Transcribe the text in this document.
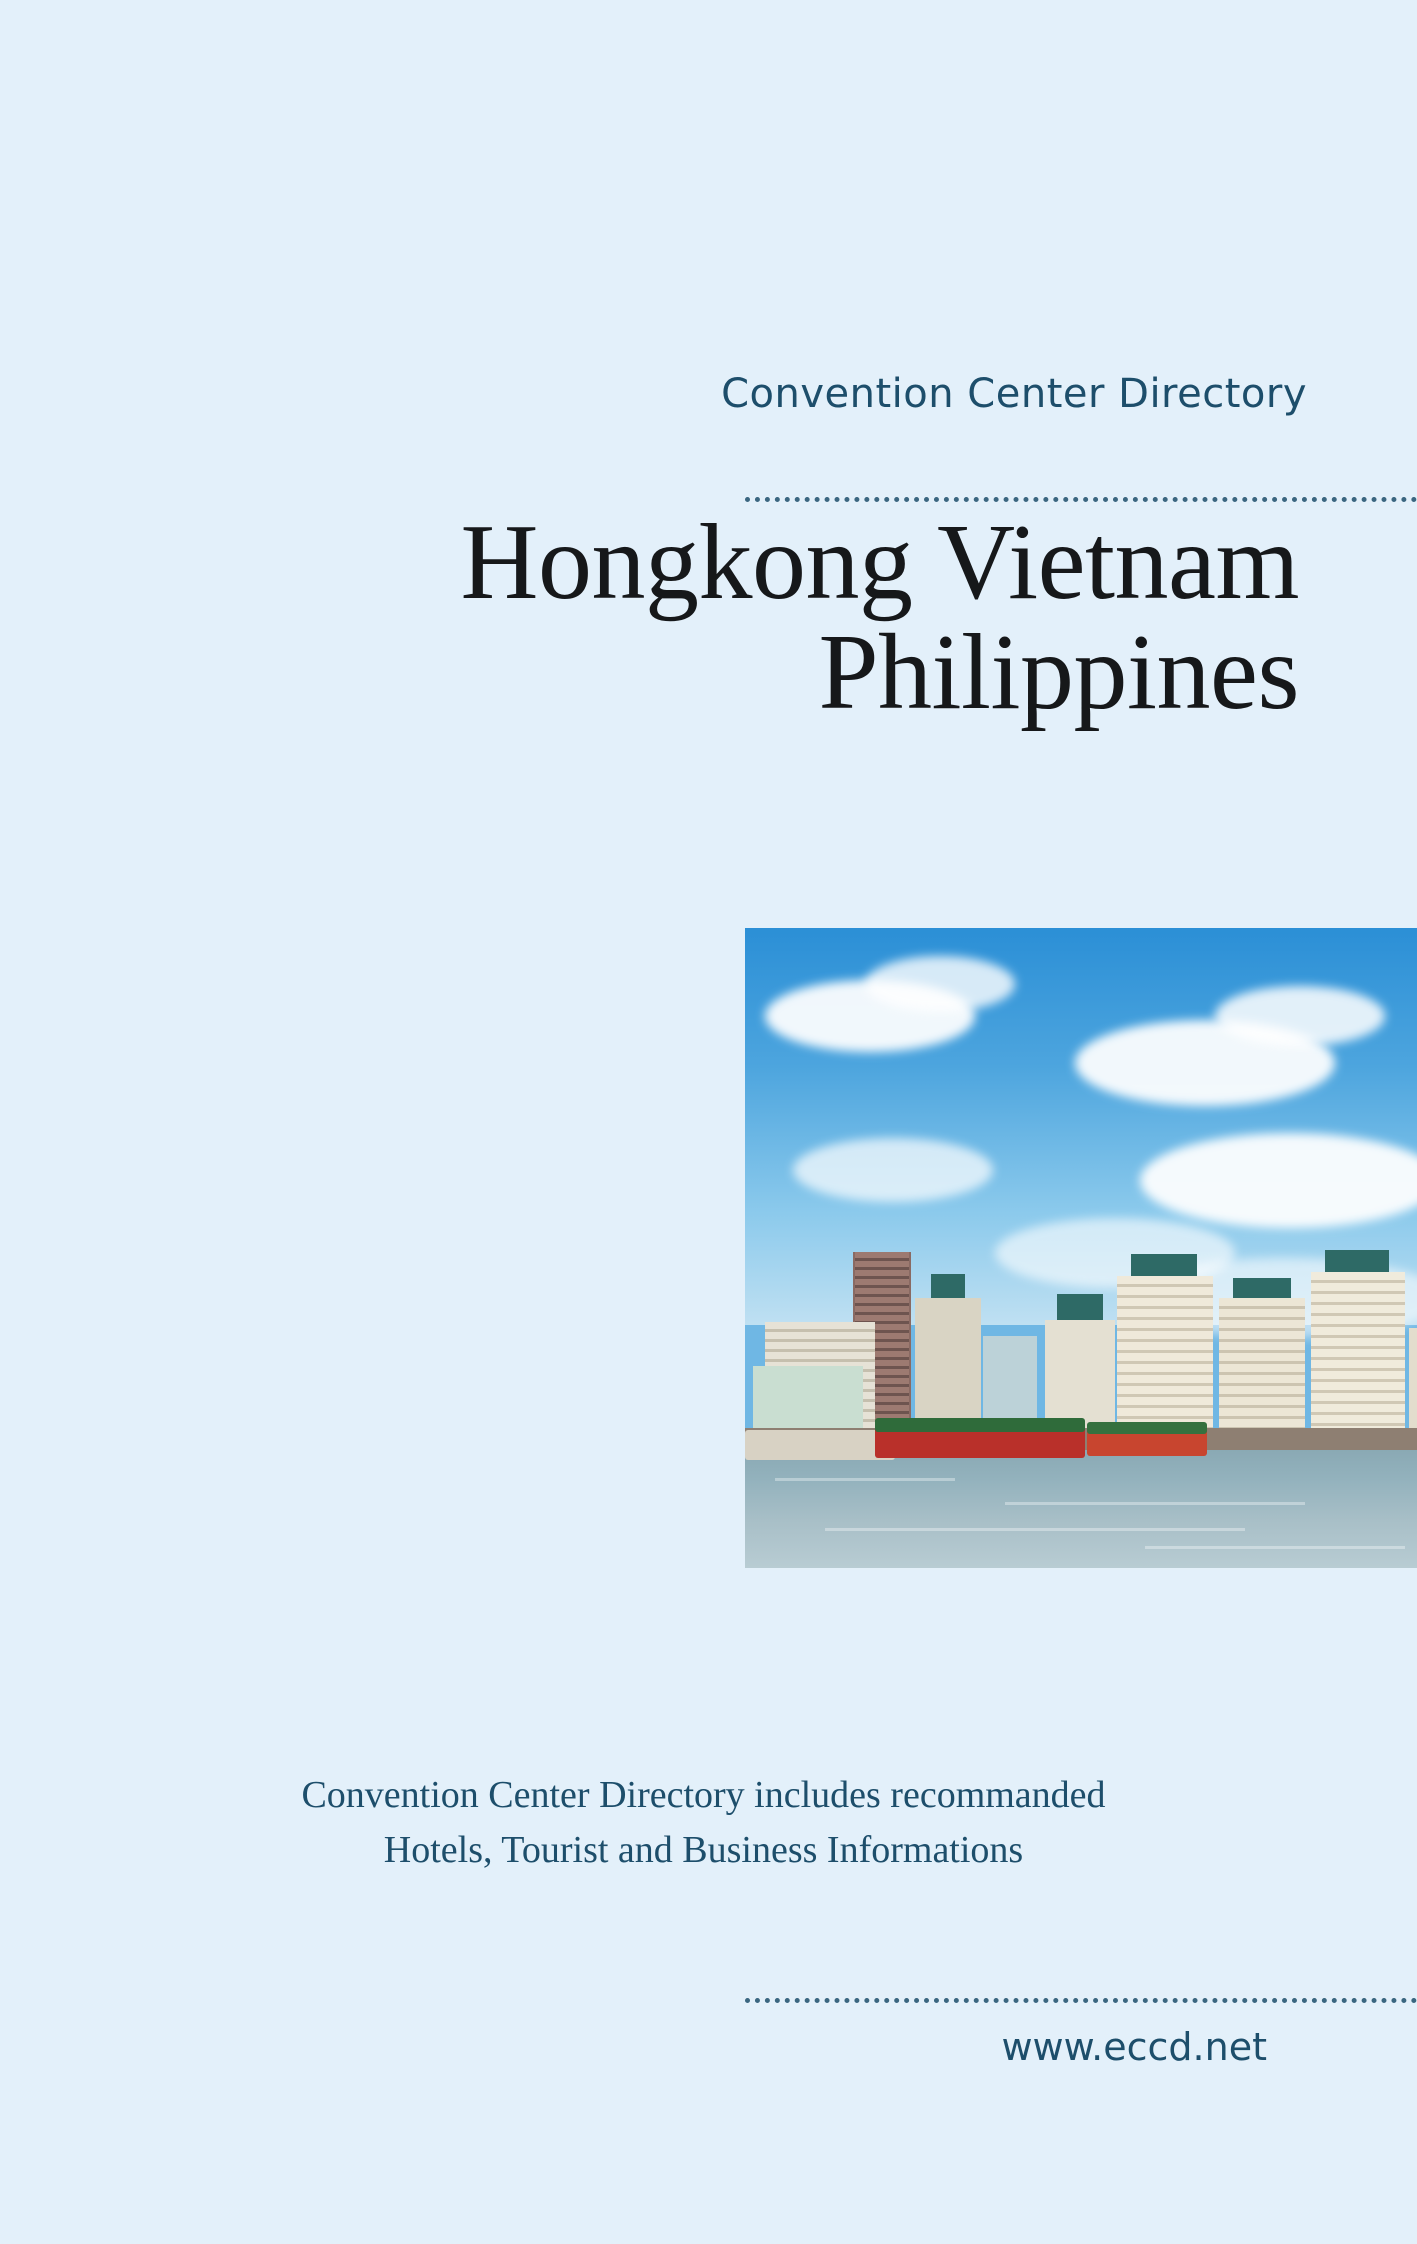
Convention Center Directory
Hongkong Vietnam
Philippines
Convention Center Directory includes recommanded
Hotels, Tourist and Business Informations
www.eccd.net
